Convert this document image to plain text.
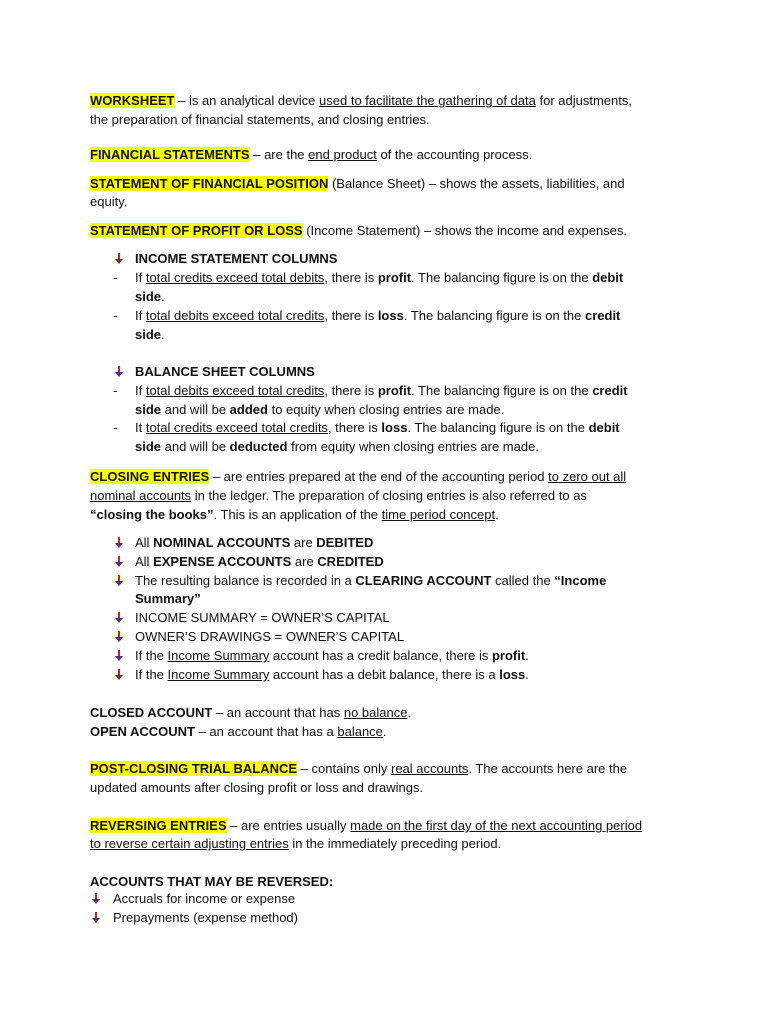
WORKSHEET – is an analytical device used to facilitate the gathering of data for adjustments,
the preparation of financial statements, and closing entries.
FINANCIAL STATEMENTS – are the end product of the accounting process.
STATEMENT OF FINANCIAL POSITION (Balance Sheet) – shows the assets, liabilities, and
equity.
STATEMENT OF PROFIT OR LOSS (Income Statement) – shows the income and expenses.
INCOME STATEMENT COLUMNS
- If total credits exceed total debits, there is profit. The balancing figure is on the debit
side.
- If total debits exceed total credits, there is loss. The balancing figure is on the credit
side.
BALANCE SHEET COLUMNS
- If total debits exceed total credits, there is profit. The balancing figure is on the credit
side and will be added to equity when closing entries are made.
- It total credits exceed total credits, there is loss. The balancing figure is on the debit
side and will be deducted from equity when closing entries are made.
CLOSING ENTRIES – are entries prepared at the end of the accounting period to zero out all
nominal accounts in the ledger. The preparation of closing entries is also referred to as
“closing the books”. This is an application of the time period concept.
All NOMINAL ACCOUNTS are DEBITED
All EXPENSE ACCOUNTS are CREDITED
The resulting balance is recorded in a CLEARING ACCOUNT called the “Income
Summary”
INCOME SUMMARY = OWNER’S CAPITAL
OWNER’S DRAWINGS = OWNER’S CAPITAL
If the Income Summary account has a credit balance, there is profit.
If the Income Summary account has a debit balance, there is a loss.
CLOSED ACCOUNT – an account that has no balance.
OPEN ACCOUNT – an account that has a balance.
POST-CLOSING TRIAL BALANCE – contains only real accounts. The accounts here are the
updated amounts after closing profit or loss and drawings.
REVERSING ENTRIES – are entries usually made on the first day of the next accounting period
to reverse certain adjusting entries in the immediately preceding period.
ACCOUNTS THAT MAY BE REVERSED:
Accruals for income or expense
Prepayments (expense method)
